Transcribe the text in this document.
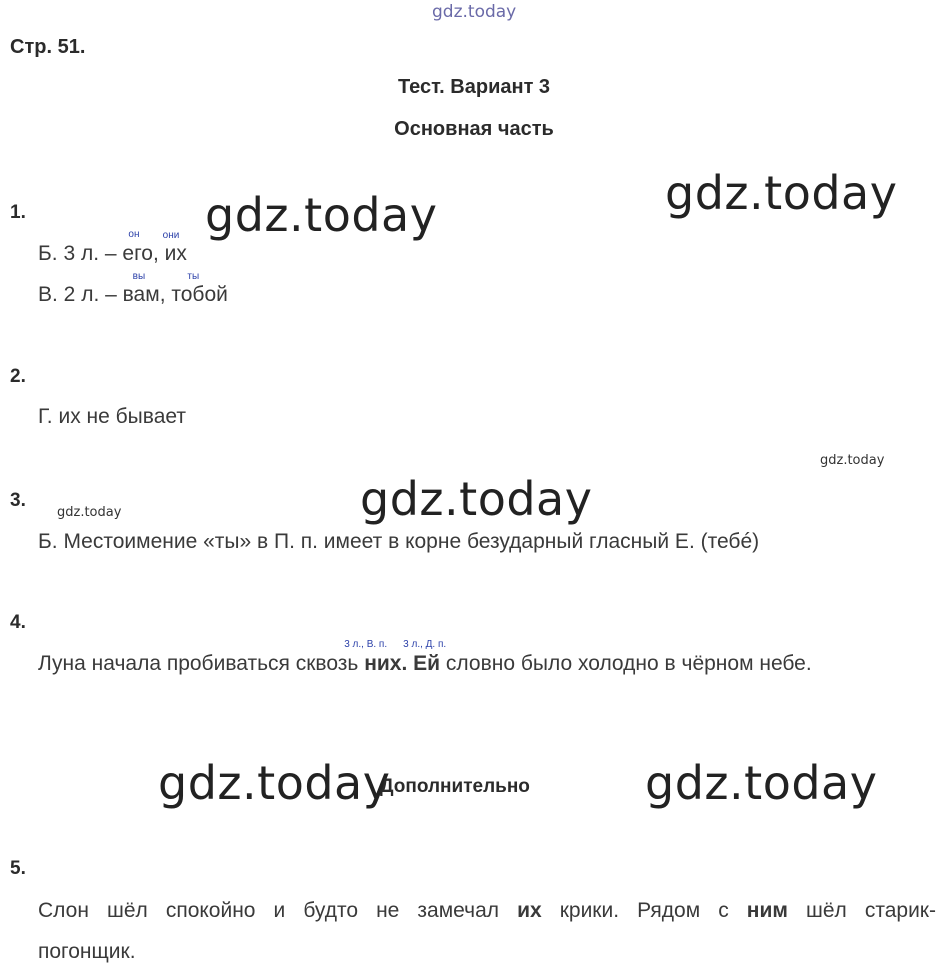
gdz.today
gdz.today	gdz.today
gdz.today
gdz.today
gdz.today
gdz.today	gdz.today
Стр. 51.
Тест. Вариант 3
Основная часть
1.
Б. 3 л. –
он
его,
они
их
В. 2 л. –
вы
вам,
ты
тобой
2.
Г. их не бывает
3.
Б. Местоимение «ты» в П. п. имеет в корне безударный гласный Е. (тебé)
4.
Луна начала пробиваться сквозь
3 л., В. п.
них.
3 л., Д. п.
Ей словно было холодно в чёрном небе.
Дополнительно
5.
Слон шёл спокойно и будто не замечал их крики. Рядом с ним шёл старик-
погонщик.
